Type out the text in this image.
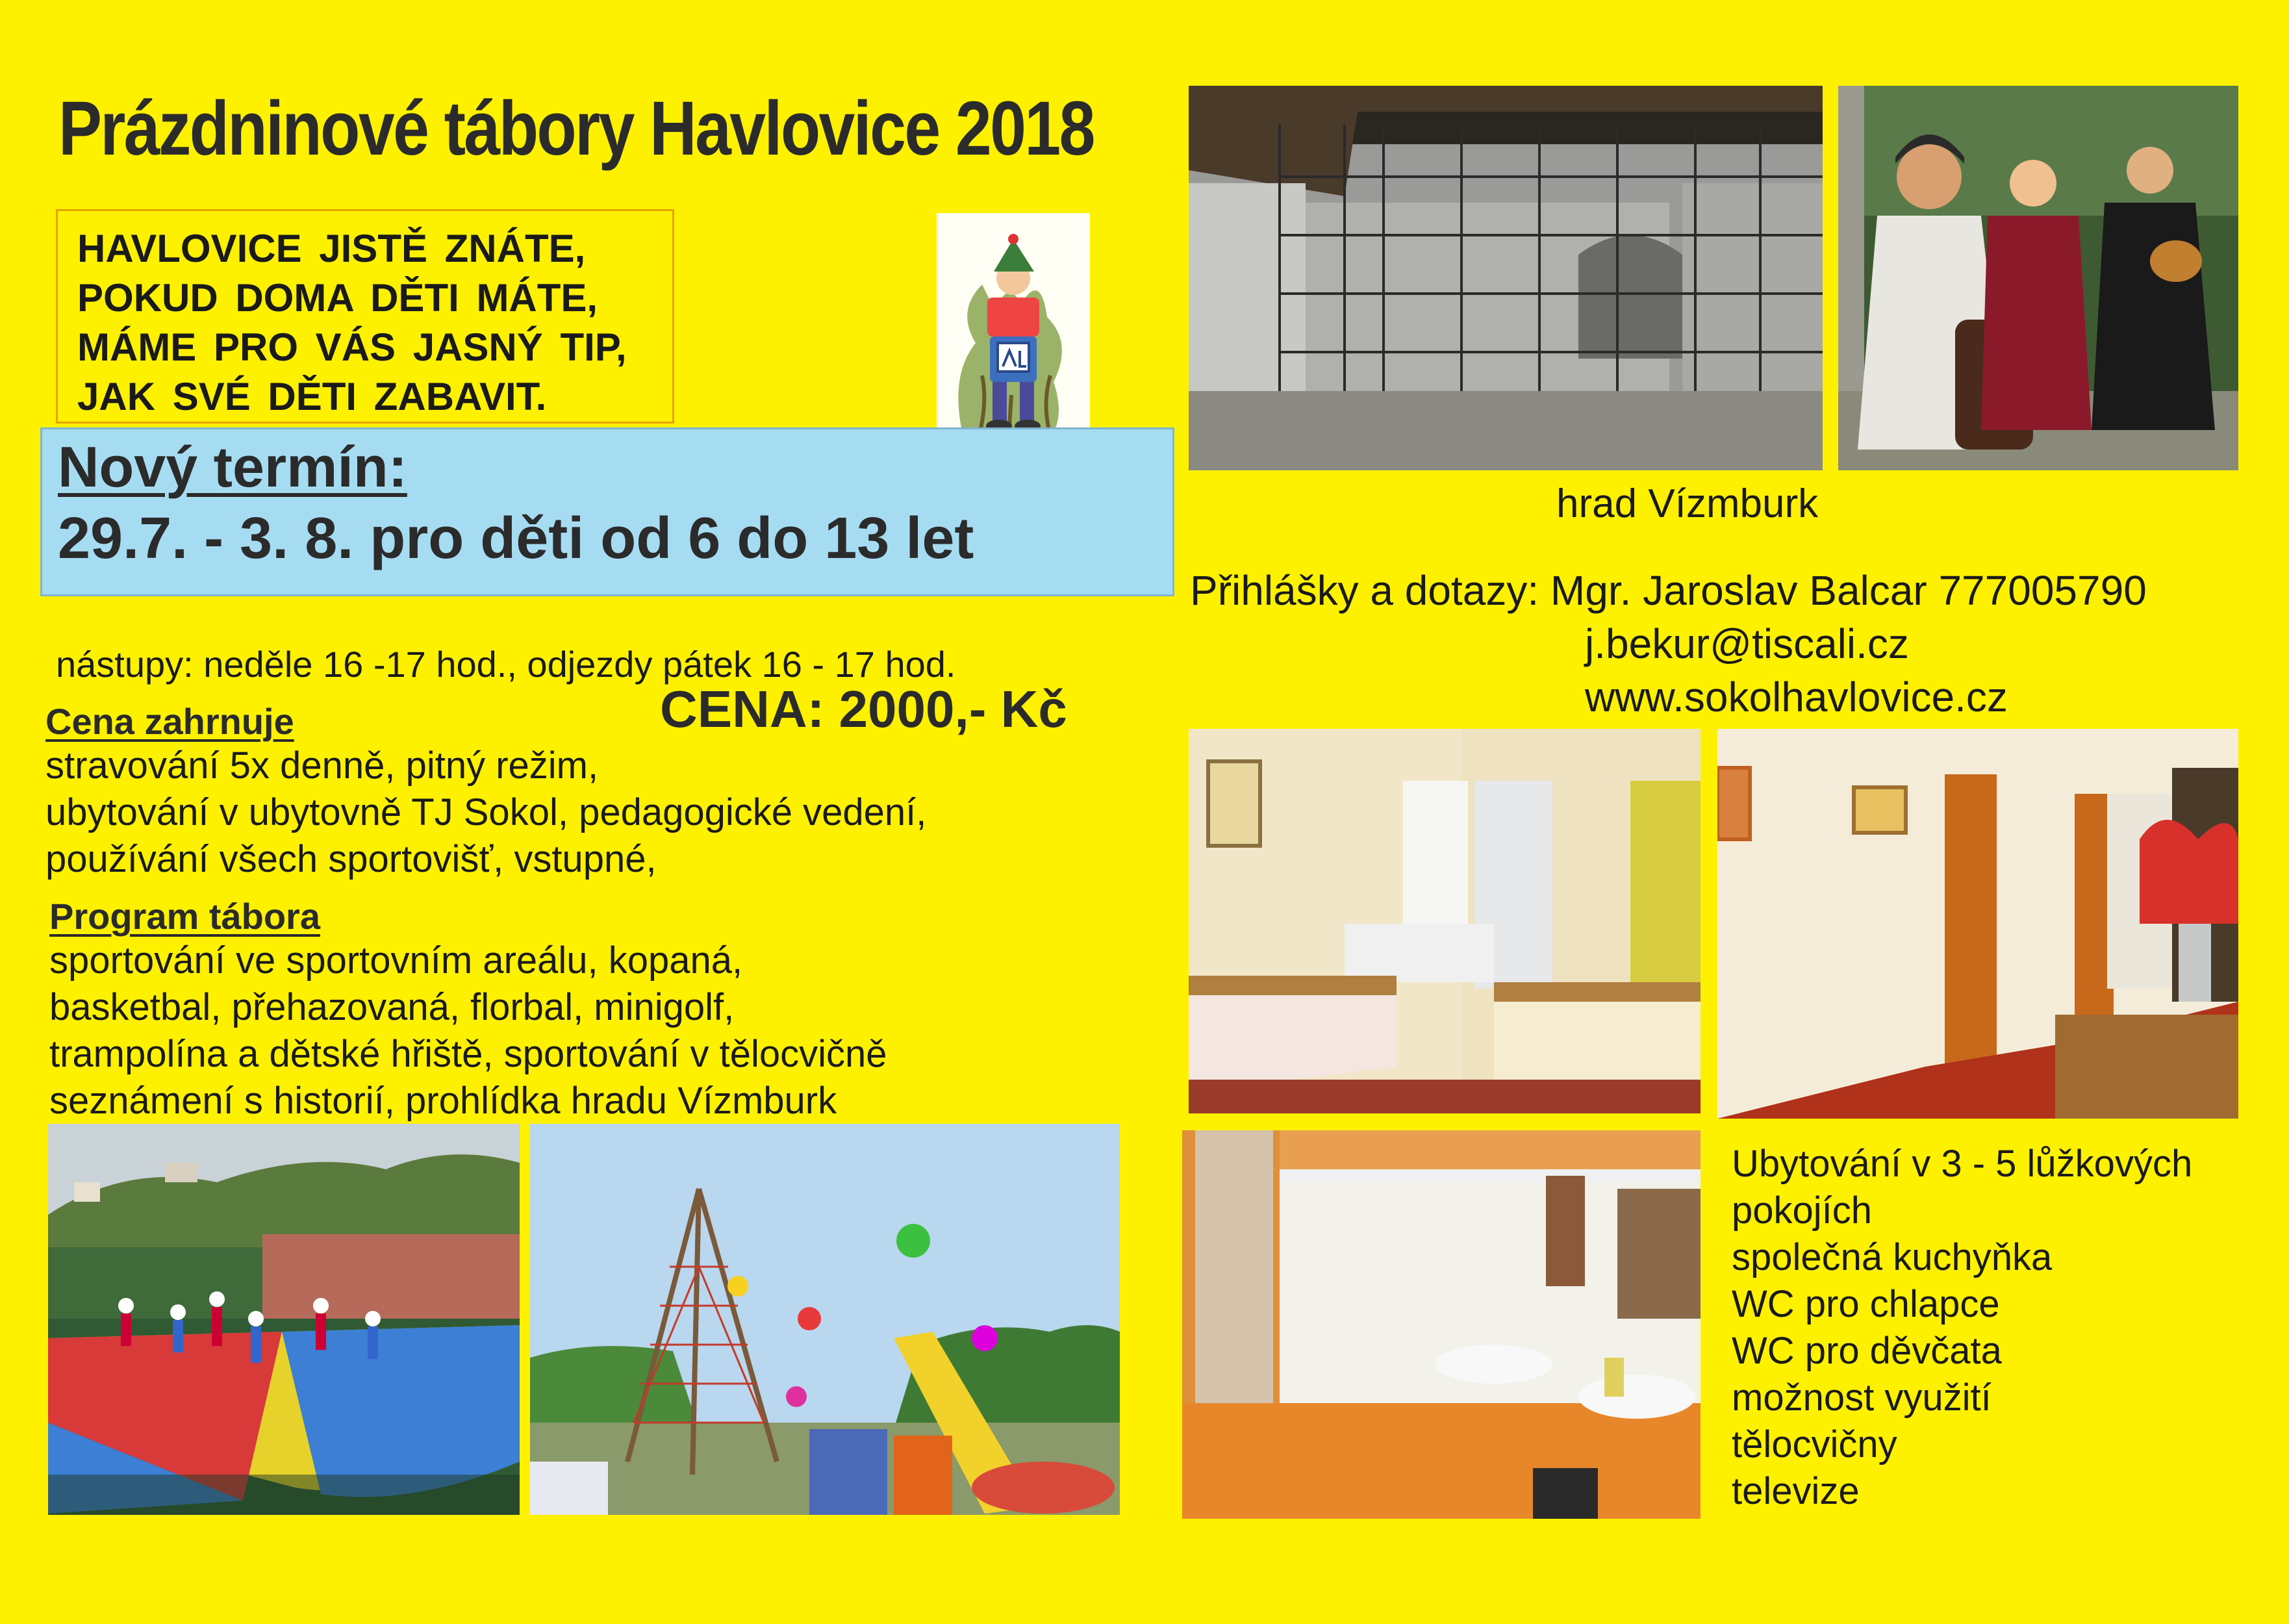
Prázdninové tábory Havlovice 2018
HAVLOVICE JISTĚ ZNÁTE,
POKUD DOMA DĚTI MÁTE,
MÁME PRO VÁS JASNÝ TIP,
JAK SVÉ DĚTI ZABAVIT.
Nový termín:
29.7. - 3. 8. pro děti od 6 do 13 let
nástupy: neděle 16 -17 hod., odjezdy pátek 16 - 17 hod.
CENA: 2000,- Kč
Cena zahrnuje
stravování 5x denně, pitný režim,
ubytování v ubytovně TJ Sokol, pedagogické vedení,
používání všech sportovišť, vstupné,
Program tábora
sportování ve sportovním areálu, kopaná,
basketbal, přehazovaná, florbal, minigolf,
trampolína a dětské hřiště, sportování v tělocvičně
seznámení s historií, prohlídka hradu Vízmburk
hrad Vízmburk
Přihlášky a dotazy: Mgr. Jaroslav Balcar 777005790
j.bekur@tiscali.cz
www.sokolhavlovice.cz
Ubytování v 3 - 5 lůžkových
pokojích
společná kuchyňka
WC pro chlapce
WC pro děvčata
možnost využití
tělocvičny
televize
